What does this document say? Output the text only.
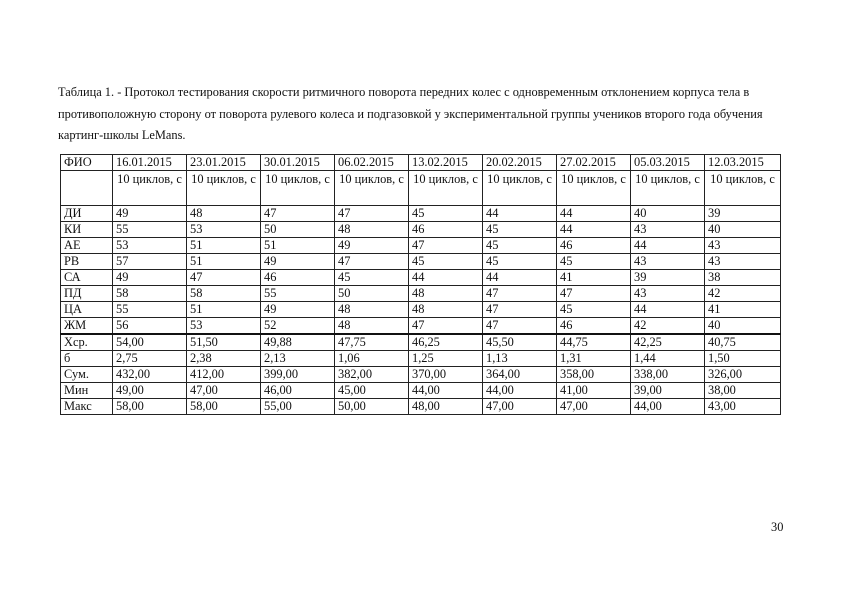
Таблица 1. - Протокол тестирования скорости ритмичного поворота передних колес с одновременным отклонением корпуса тела в противоположную сторону от поворота рулевого колеса и подгазовкой у экспериментальной группы учеников второго года обучения картинг-школы LeMans.
ФИО	16.01.2015	23.01.2015	30.01.2015	06.02.2015	13.02.2015	20.02.2015	27.02.2015	05.03.2015	12.03.2015
	10 циклов, с	10 циклов, с	10 циклов, с	10 циклов, с	10 циклов, с	10 циклов, с	10 циклов, с	10 циклов, с	10 циклов, с
ДИ	49	48	47	47	45	44	44	40	39
КИ	55	53	50	48	46	45	44	43	40
АЕ	53	51	51	49	47	45	46	44	43
РВ	57	51	49	47	45	45	45	43	43
СА	49	47	46	45	44	44	41	39	38
ПД	58	58	55	50	48	47	47	43	42
ЦА	55	51	49	48	48	47	45	44	41
ЖМ	56	53	52	48	47	47	46	42	40
Хср.	54,00	51,50	49,88	47,75	46,25	45,50	44,75	42,25	40,75
б	2,75	2,38	2,13	1,06	1,25	1,13	1,31	1,44	1,50
Сум.	432,00	412,00	399,00	382,00	370,00	364,00	358,00	338,00	326,00
Мин	49,00	47,00	46,00	45,00	44,00	44,00	41,00	39,00	38,00
Макс	58,00	58,00	55,00	50,00	48,00	47,00	47,00	44,00	43,00
30
